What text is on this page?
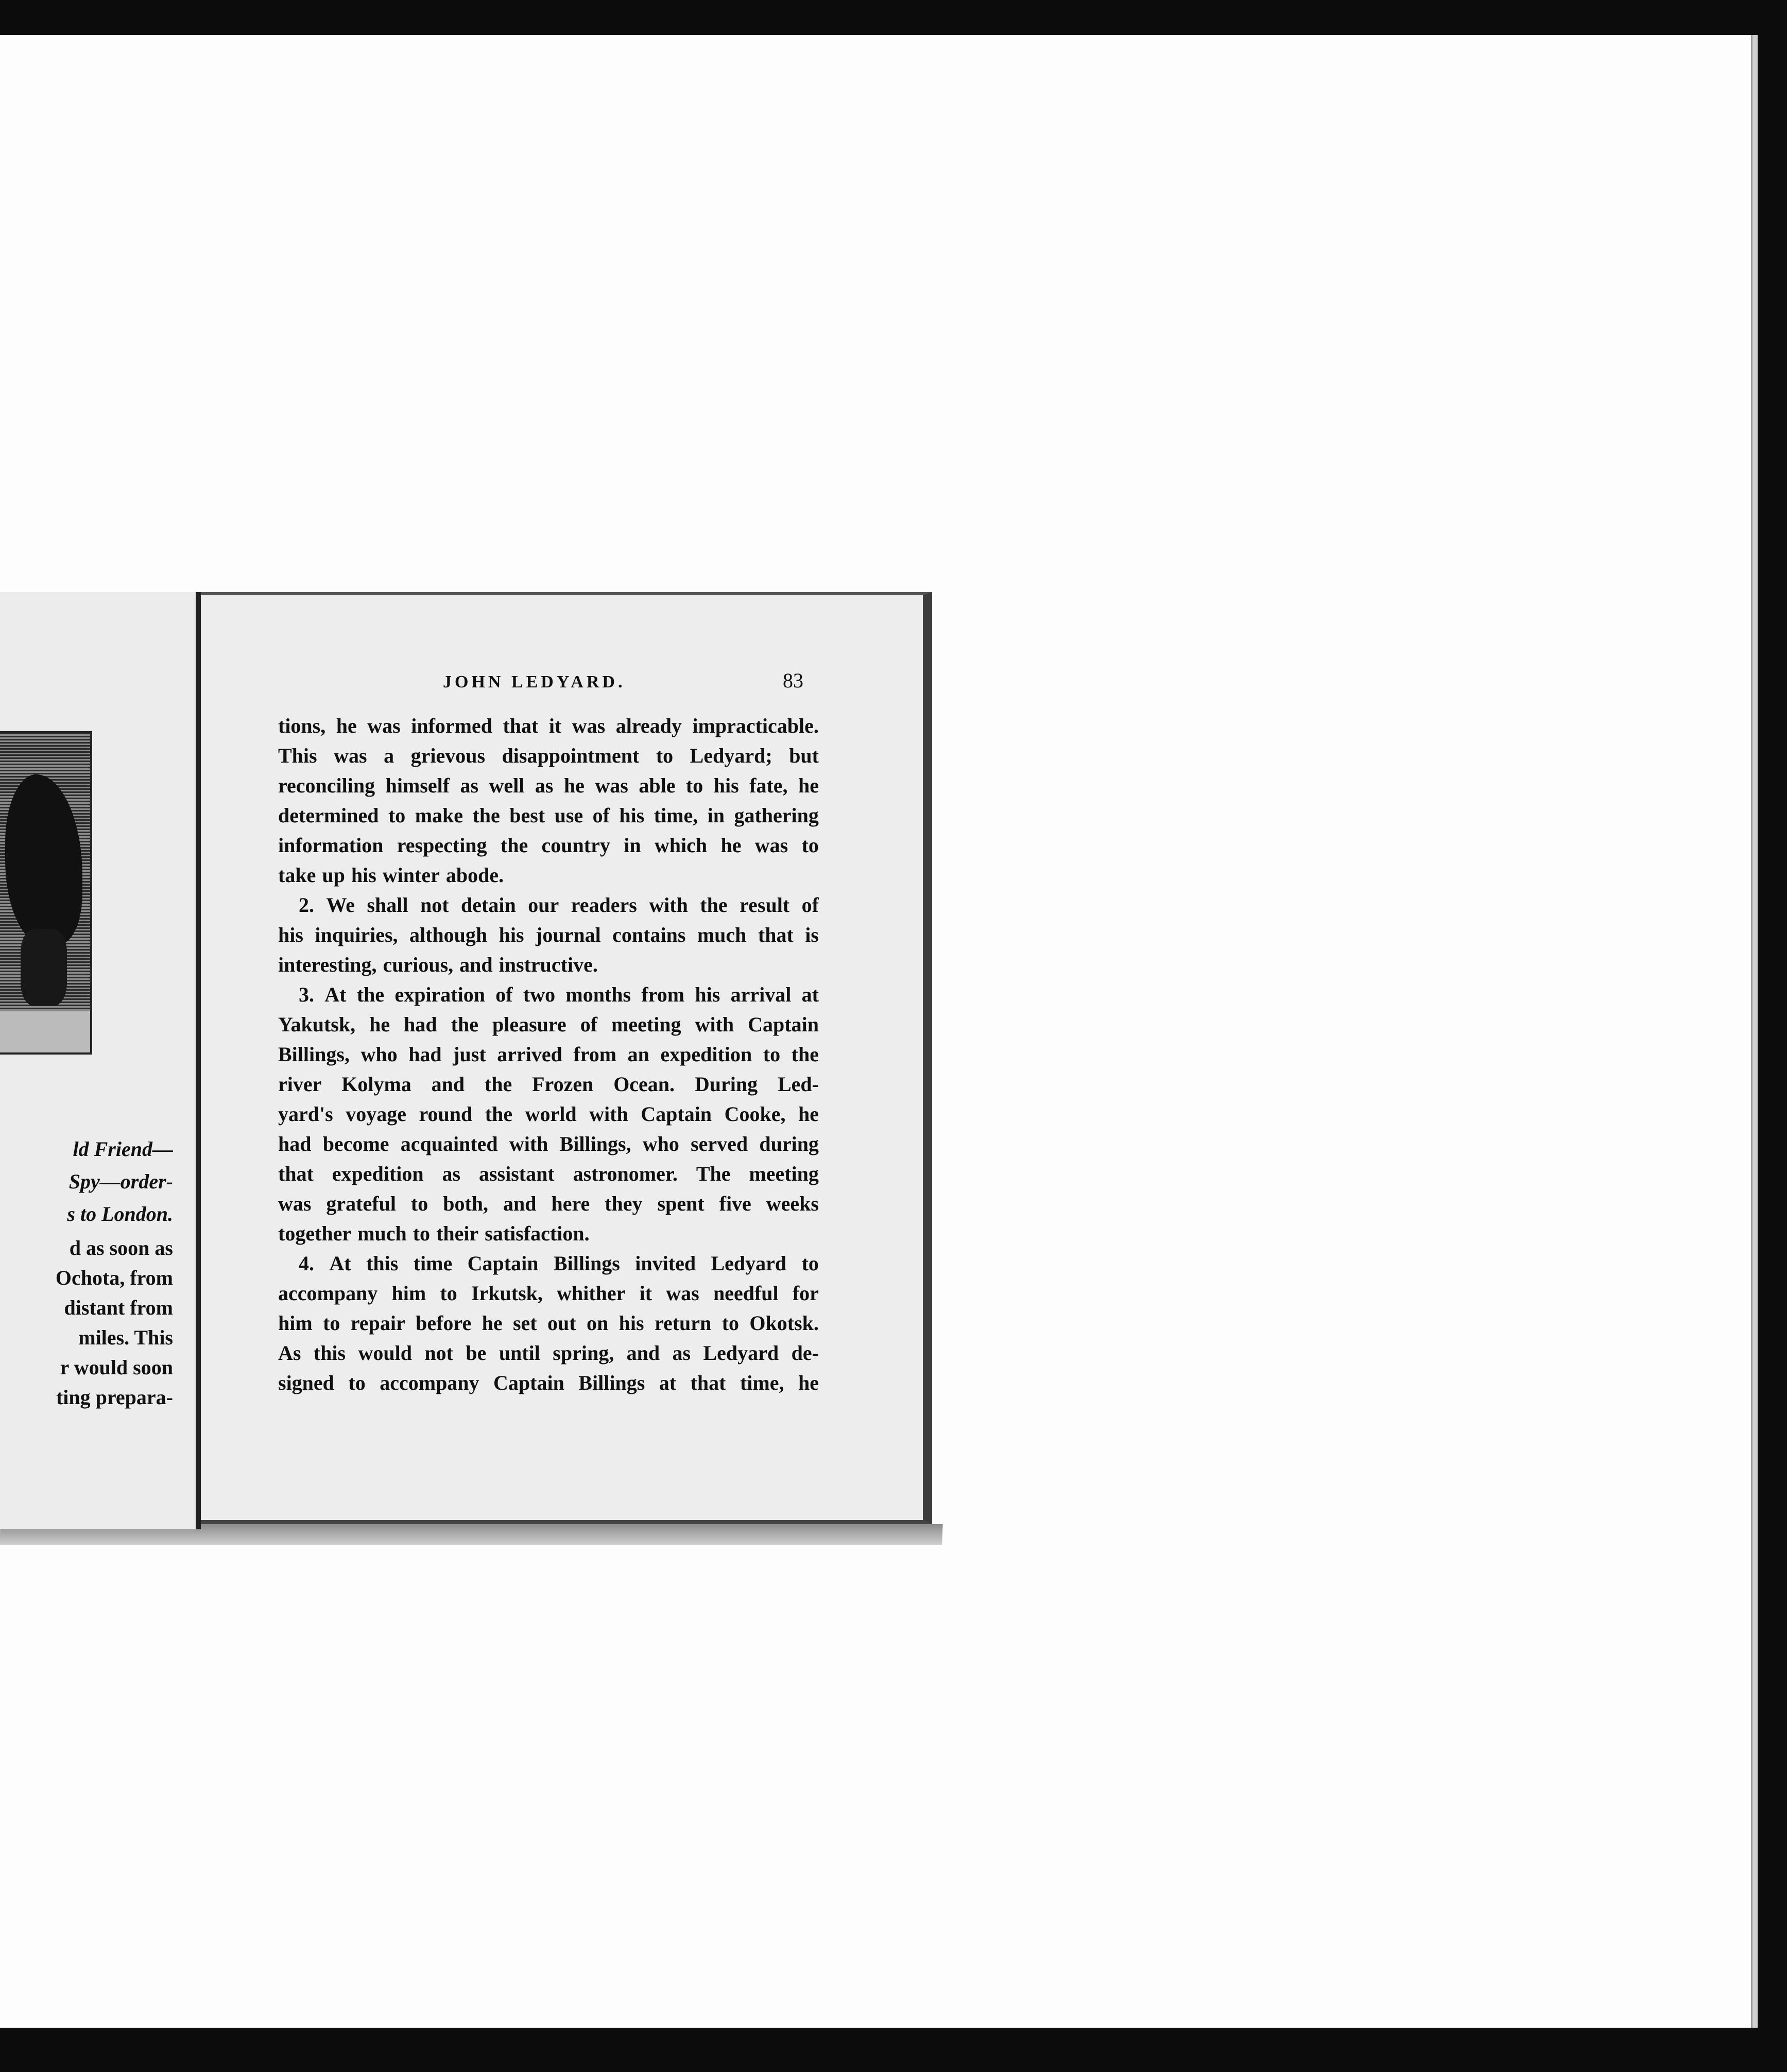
ld Friend—
Spy—order-
s to London.
d as soon as
Ochota, from
distant from
miles. This
r would soon
ting prepara-
JOHN LEDYARD.	83
tions, he was informed that it was already impracticable.
This was a grievous disappointment to Ledyard; but
reconciling himself as well as he was able to his fate, he
determined to make the best use of his time, in gathering
information respecting the country in which he was to
take up his winter abode.
2. We shall not detain our readers with the result of
his inquiries, although his journal contains much that is
interesting, curious, and instructive.
3. At the expiration of two months from his arrival at
Yakutsk, he had the pleasure of meeting with Captain
Billings, who had just arrived from an expedition to the
river Kolyma and the Frozen Ocean. During Led-
yard's voyage round the world with Captain Cooke, he
had become acquainted with Billings, who served during
that expedition as assistant astronomer. The meeting
was grateful to both, and here they spent five weeks
together much to their satisfaction.
4. At this time Captain Billings invited Ledyard to
accompany him to Irkutsk, whither it was needful for
him to repair before he set out on his return to Okotsk.
As this would not be until spring, and as Ledyard de-
signed to accompany Captain Billings at that time, he
